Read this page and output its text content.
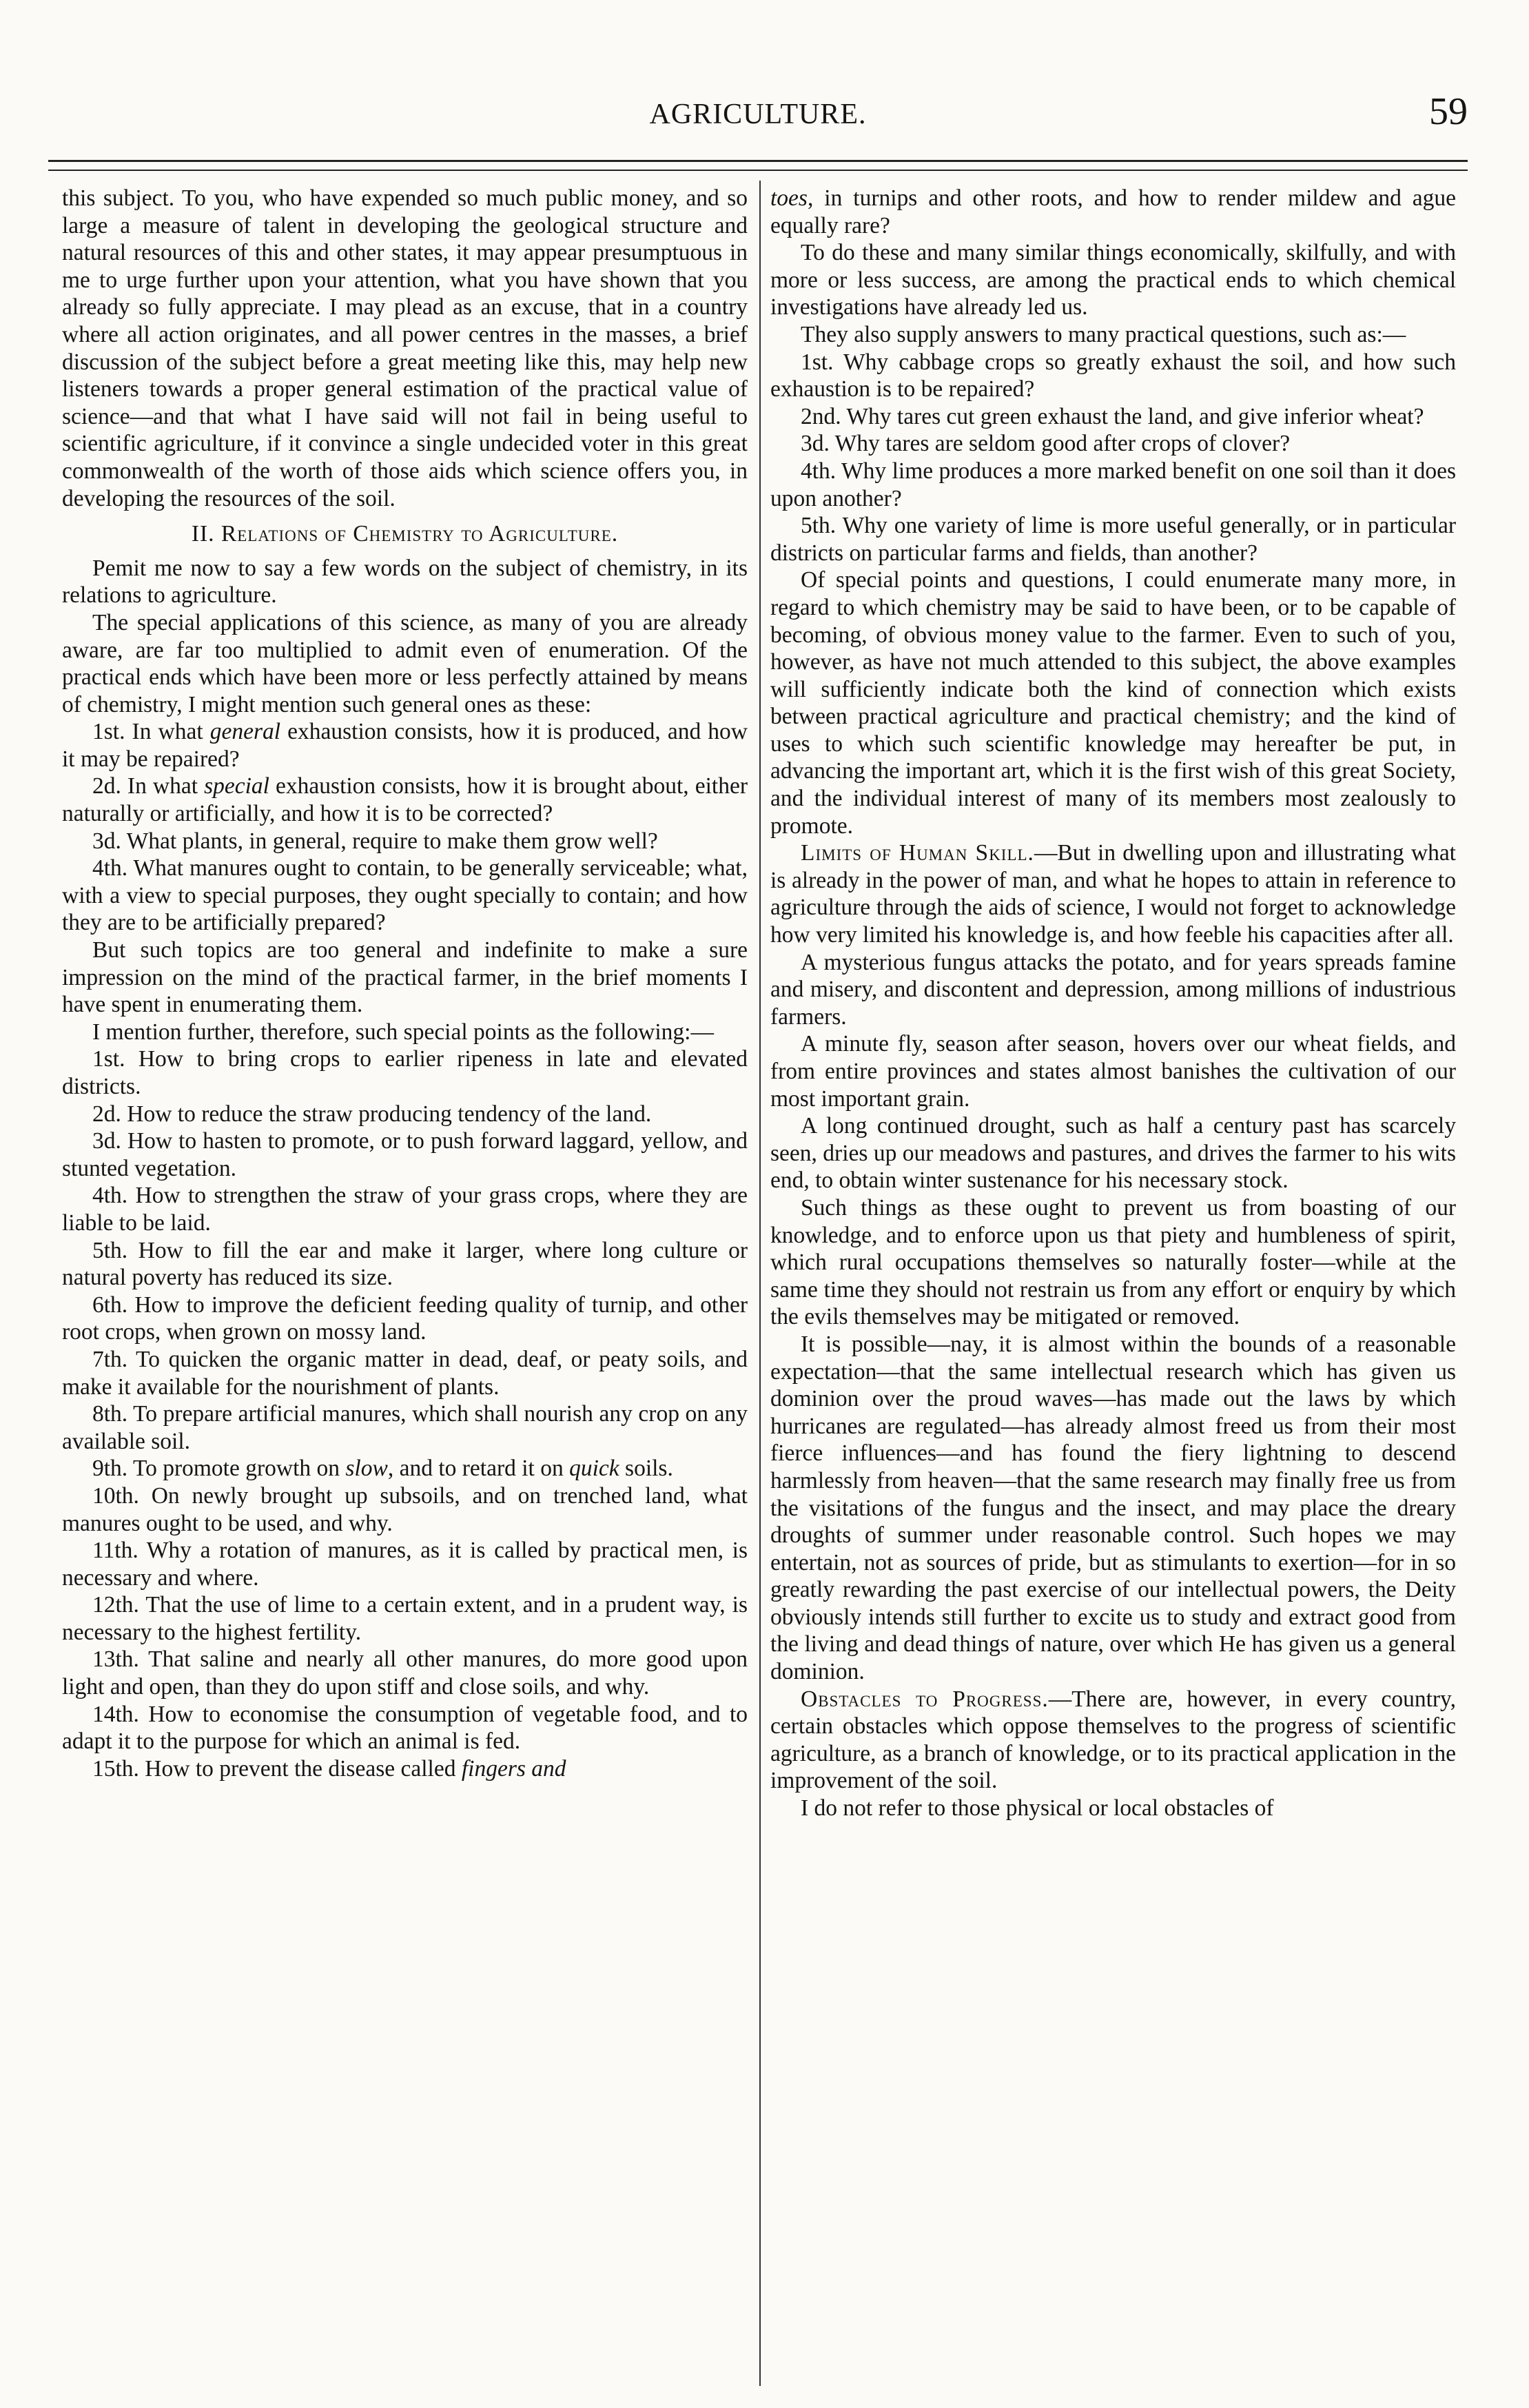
AGRICULTURE.	59

this subject. To you, who have expended so much public money, and so large a measure of talent in developing the geological structure and natural resources of this and other states, it may appear presumptuous in me to urge further upon your attention, what you have shown that you already so fully appreciate. I may plead as an excuse, that in a country where all action originates, and all power centres in the masses, a brief discussion of the subject before a great meeting like this, may help new listeners towards a proper general estimation of the practical value of science—and that what I have said will not fail in being useful to scientific agriculture, if it convince a single undecided voter in this great commonwealth of the worth of those aids which science offers you, in developing the resources of the soil.

II. Relations of Chemistry to Agriculture.

Pemit me now to say a few words on the subject of chemistry, in its relations to agriculture.

The special applications of this science, as many of you are already aware, are far too multiplied to admit even of enumeration. Of the practical ends which have been more or less perfectly attained by means of chemistry, I might mention such general ones as these:

1st. In what general exhaustion consists, how it is produced, and how it may be repaired?

2d. In what special exhaustion consists, how it is brought about, either naturally or artificially, and how it is to be corrected?

3d. What plants, in general, require to make them grow well?

4th. What manures ought to contain, to be generally serviceable; what, with a view to special purposes, they ought specially to contain; and how they are to be artificially prepared?

But such topics are too general and indefinite to make a sure impression on the mind of the practical farmer, in the brief moments I have spent in enumerating them.

I mention further, therefore, such special points as the following:—

1st. How to bring crops to earlier ripeness in late and elevated districts.

2d. How to reduce the straw producing tendency of the land.

3d. How to hasten to promote, or to push forward laggard, yellow, and stunted vegetation.

4th. How to strengthen the straw of your grass crops, where they are liable to be laid.

5th. How to fill the ear and make it larger, where long culture or natural poverty has reduced its size.

6th. How to improve the deficient feeding quality of turnip, and other root crops, when grown on mossy land.

7th. To quicken the organic matter in dead, deaf, or peaty soils, and make it available for the nourishment of plants.

8th. To prepare artificial manures, which shall nourish any crop on any available soil.

9th. To promote growth on slow, and to retard it on quick soils.

10th. On newly brought up subsoils, and on trenched land, what manures ought to be used, and why.

11th. Why a rotation of manures, as it is called by practical men, is necessary and where.

12th. That the use of lime to a certain extent, and in a prudent way, is necessary to the highest fertility.

13th. That saline and nearly all other manures, do more good upon light and open, than they do upon stiff and close soils, and why.

14th. How to economise the consumption of vegetable food, and to adapt it to the purpose for which an animal is fed.

15th. How to prevent the disease called fingers and

toes, in turnips and other roots, and how to render mildew and ague equally rare?

To do these and many similar things economically, skilfully, and with more or less success, are among the practical ends to which chemical investigations have already led us.

They also supply answers to many practical questions, such as:—

1st. Why cabbage crops so greatly exhaust the soil, and how such exhaustion is to be repaired?

2nd. Why tares cut green exhaust the land, and give inferior wheat?

3d. Why tares are seldom good after crops of clover?

4th. Why lime produces a more marked benefit on one soil than it does upon another?

5th. Why one variety of lime is more useful generally, or in particular districts on particular farms and fields, than another?

Of special points and questions, I could enumerate many more, in regard to which chemistry may be said to have been, or to be capable of becoming, of obvious money value to the farmer. Even to such of you, however, as have not much attended to this subject, the above examples will sufficiently indicate both the kind of connection which exists between practical agriculture and practical chemistry; and the kind of uses to which such scientific knowledge may hereafter be put, in advancing the important art, which it is the first wish of this great Society, and the individual interest of many of its members most zealously to promote.

Limits of Human Skill.—But in dwelling upon and illustrating what is already in the power of man, and what he hopes to attain in reference to agriculture through the aids of science, I would not forget to acknowledge how very limited his knowledge is, and how feeble his capacities after all.

A mysterious fungus attacks the potato, and for years spreads famine and misery, and discontent and depression, among millions of industrious farmers.

A minute fly, season after season, hovers over our wheat fields, and from entire provinces and states almost banishes the cultivation of our most important grain.

A long continued drought, such as half a century past has scarcely seen, dries up our meadows and pastures, and drives the farmer to his wits end, to obtain winter sustenance for his necessary stock.

Such things as these ought to prevent us from boasting of our knowledge, and to enforce upon us that piety and humbleness of spirit, which rural occupations themselves so naturally foster—while at the same time they should not restrain us from any effort or enquiry by which the evils themselves may be mitigated or removed.

It is possible—nay, it is almost within the bounds of a reasonable expectation—that the same intellectual research which has given us dominion over the proud waves—has made out the laws by which hurricanes are regulated—has already almost freed us from their most fierce influences—and has found the fiery lightning to descend harmlessly from heaven—that the same research may finally free us from the visitations of the fungus and the insect, and may place the dreary droughts of summer under reasonable control. Such hopes we may entertain, not as sources of pride, but as stimulants to exertion—for in so greatly rewarding the past exercise of our intellectual powers, the Deity obviously intends still further to excite us to study and extract good from the living and dead things of nature, over which He has given us a general dominion.

Obstacles to Progress.—There are, however, in every country, certain obstacles which oppose themselves to the progress of scientific agriculture, as a branch of knowledge, or to its practical application in the improvement of the soil.

I do not refer to those physical or local obstacles of
